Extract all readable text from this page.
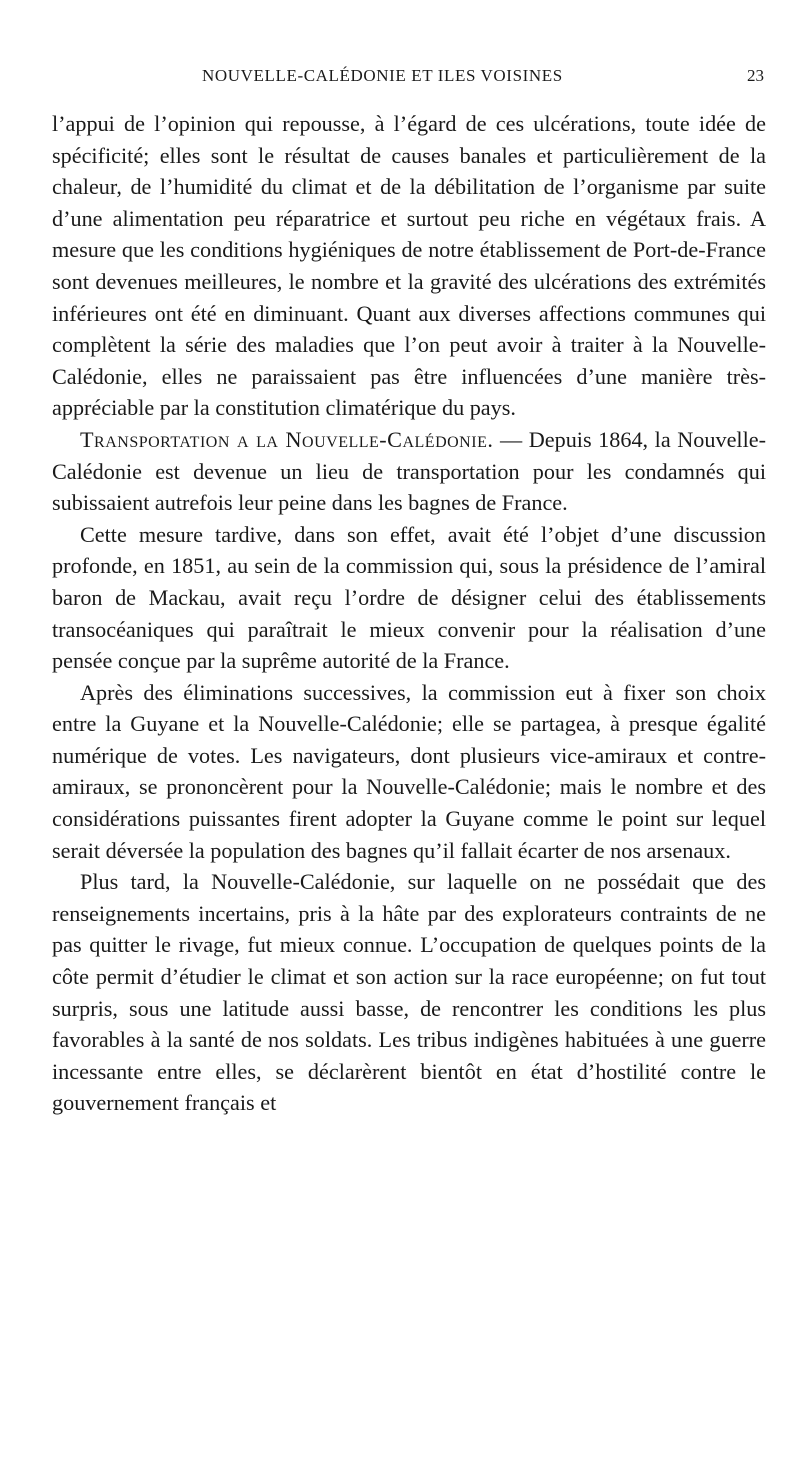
NOUVELLE-CALÉDONIE ET ILES VOISINES	23

l’appui de l’opinion qui repousse, à l’égard de ces ulcérations, toute idée de spécificité; elles sont le résultat de causes banales et particulièrement de la chaleur, de l’humidité du climat et de la débilitation de l’organisme par suite d’une alimentation peu réparatrice et surtout peu riche en végétaux frais. A mesure que les conditions hygiéniques de notre établissement de Port-de-France sont devenues meilleures, le nombre et la gravité des ulcérations des extrémités inférieures ont été en diminuant. Quant aux diverses affections communes qui complètent la série des maladies que l’on peut avoir à traiter à la Nouvelle-Calédonie, elles ne paraissaient pas être influencées d’une manière très-appréciable par la constitution climatérique du pays.

Transportation a la Nouvelle-Calédonie. — Depuis 1864, la Nouvelle-Calédonie est devenue un lieu de transportation pour les condamnés qui subissaient autrefois leur peine dans les bagnes de France.

Cette mesure tardive, dans son effet, avait été l’objet d’une discussion profonde, en 1851, au sein de la commission qui, sous la présidence de l’amiral baron de Mackau, avait reçu l’ordre de désigner celui des établissements transocéaniques qui paraîtrait le mieux convenir pour la réalisation d’une pensée conçue par la suprême autorité de la France.

Après des éliminations successives, la commission eut à fixer son choix entre la Guyane et la Nouvelle-Calédonie; elle se partagea, à presque égalité numérique de votes. Les navigateurs, dont plusieurs vice-amiraux et contre-amiraux, se prononcèrent pour la Nouvelle-Calédonie; mais le nombre et des considérations puissantes firent adopter la Guyane comme le point sur lequel serait déversée la population des bagnes qu’il fallait écarter de nos arsenaux.

Plus tard, la Nouvelle-Calédonie, sur laquelle on ne possédait que des renseignements incertains, pris à la hâte par des explorateurs contraints de ne pas quitter le rivage, fut mieux connue. L’occupation de quelques points de la côte permit d’étudier le climat et son action sur la race européenne; on fut tout surpris, sous une latitude aussi basse, de rencontrer les conditions les plus favorables à la santé de nos soldats. Les tribus indigènes habituées à une guerre incessante entre elles, se déclarèrent bientôt en état d’hostilité contre le gouvernement français et
